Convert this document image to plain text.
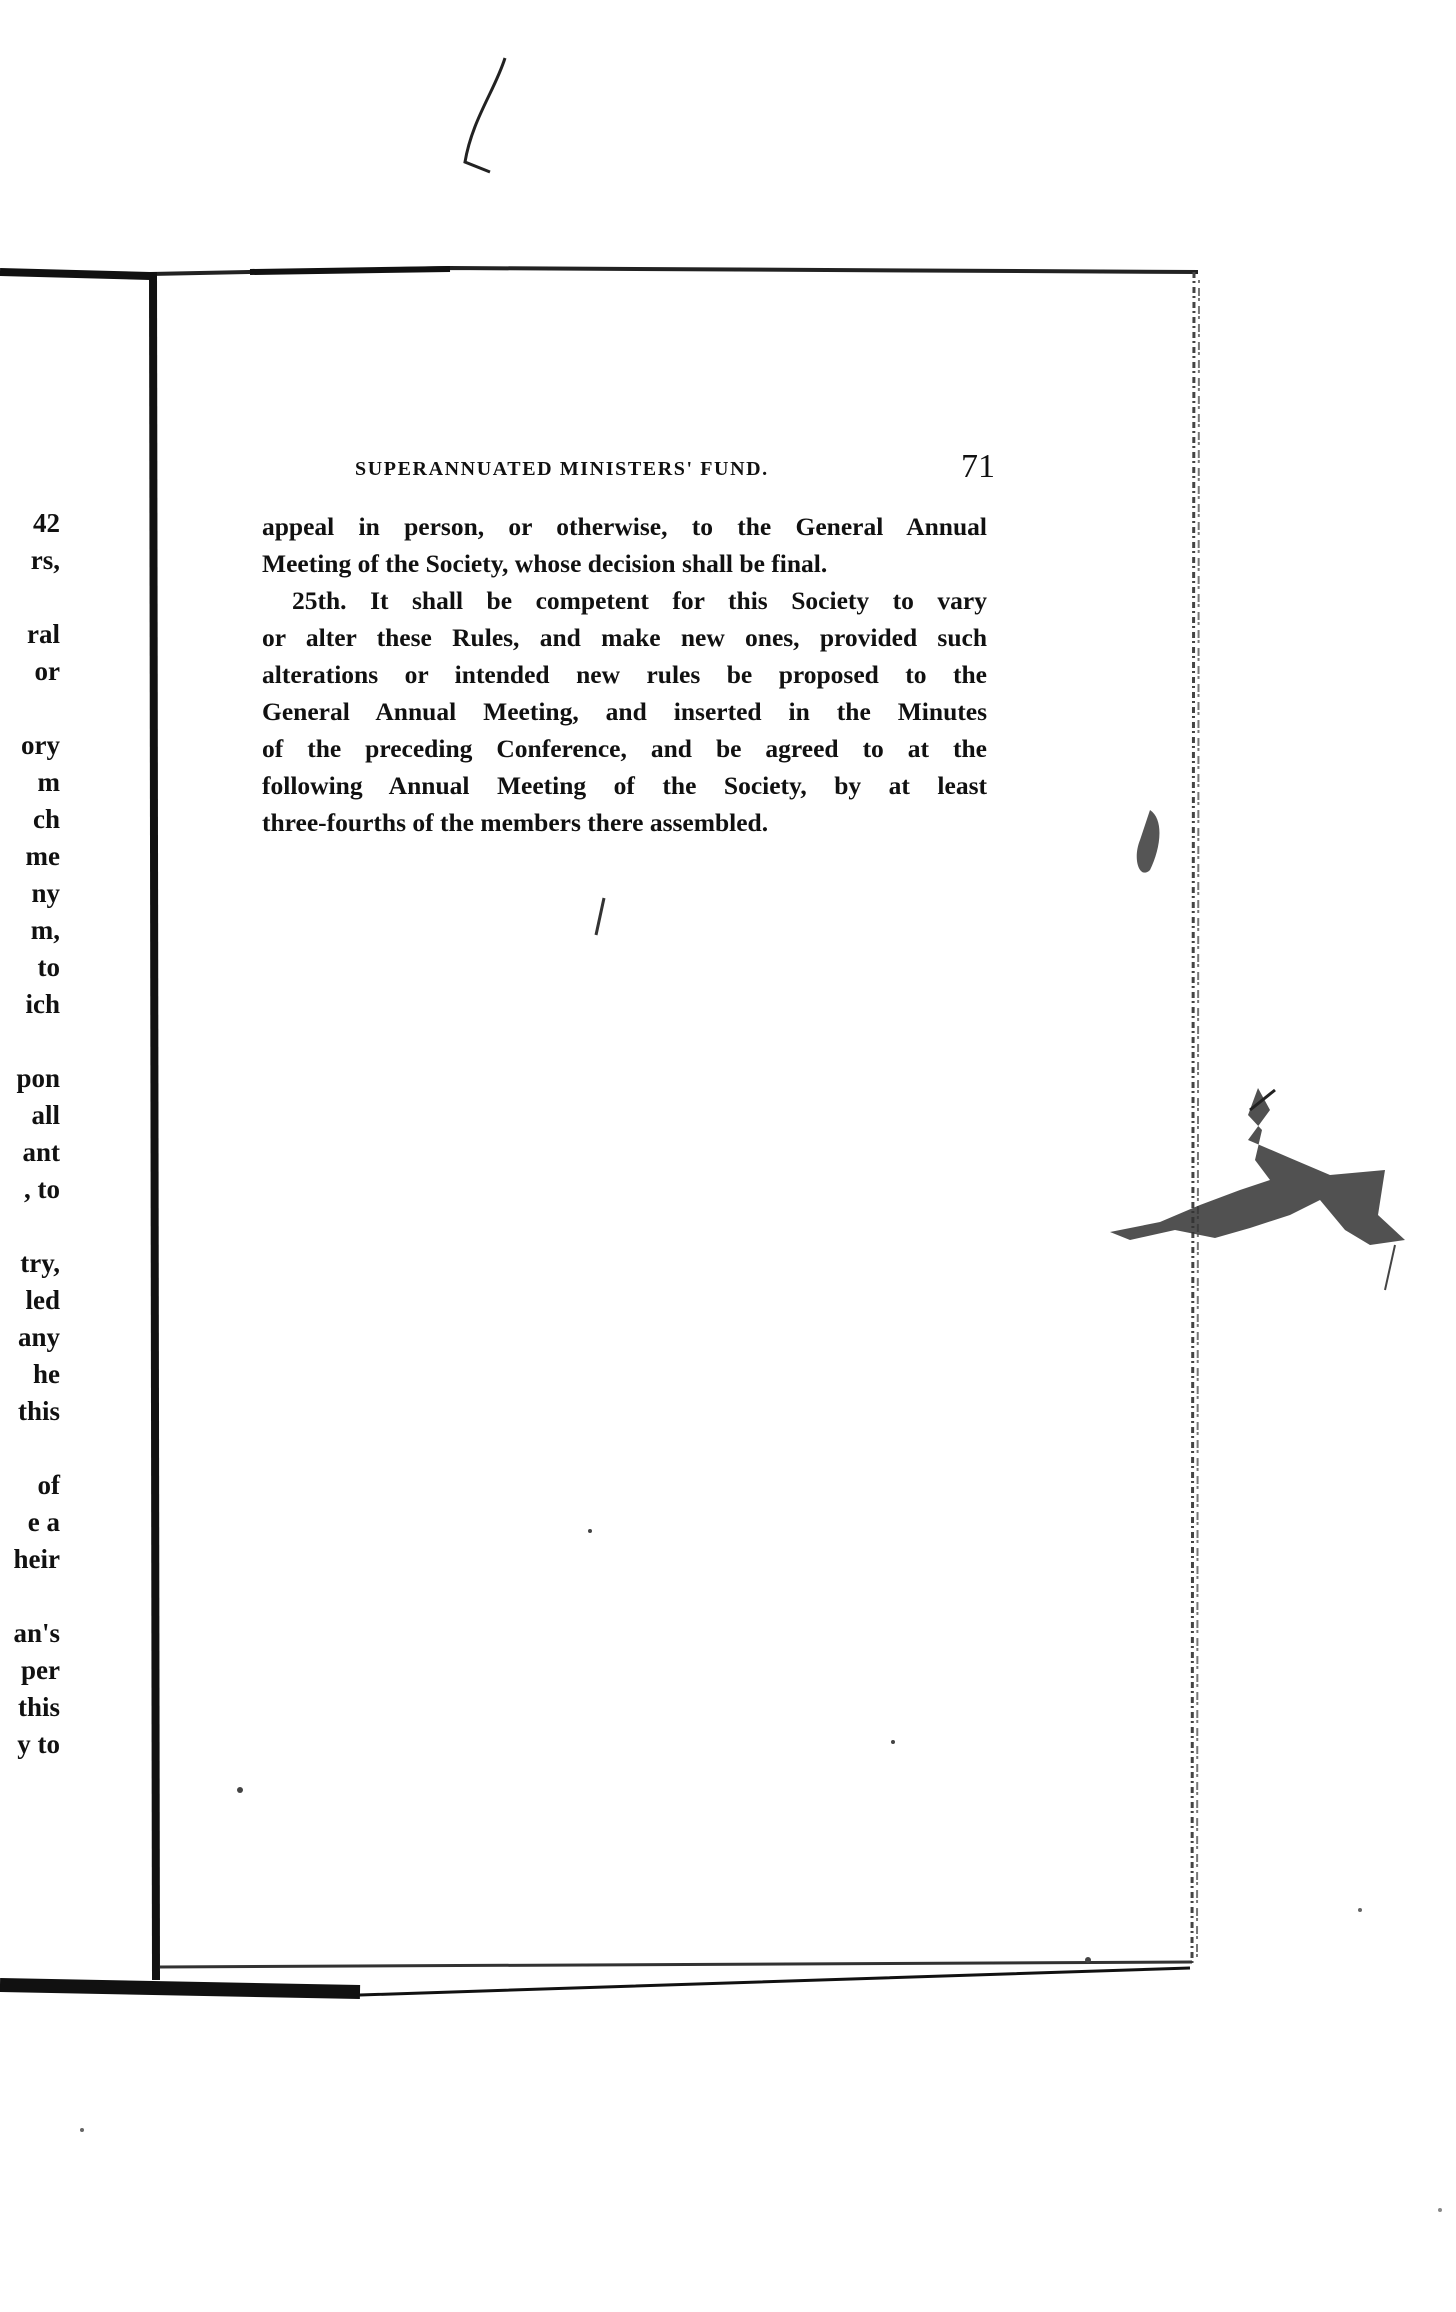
42
rs,
ral
or
ory
m
ch
me
ny
m,
to
ich
pon
all
ant
, to
try,
led
any
he
this
of
e a
heir
an's
per
this
y to
SUPERANNUATED MINISTERS' FUND.	71
appeal in person, or otherwise, to the General Annual
Meeting of the Society, whose decision shall be final.
25th. It shall be competent for this Society to vary
or alter these Rules, and make new ones, provided such
alterations or intended new rules be proposed to the
General Annual Meeting, and inserted in the Minutes
of the preceding Conference, and be agreed to at the
following Annual Meeting of the Society, by at least
three-fourths of the members there assembled.
